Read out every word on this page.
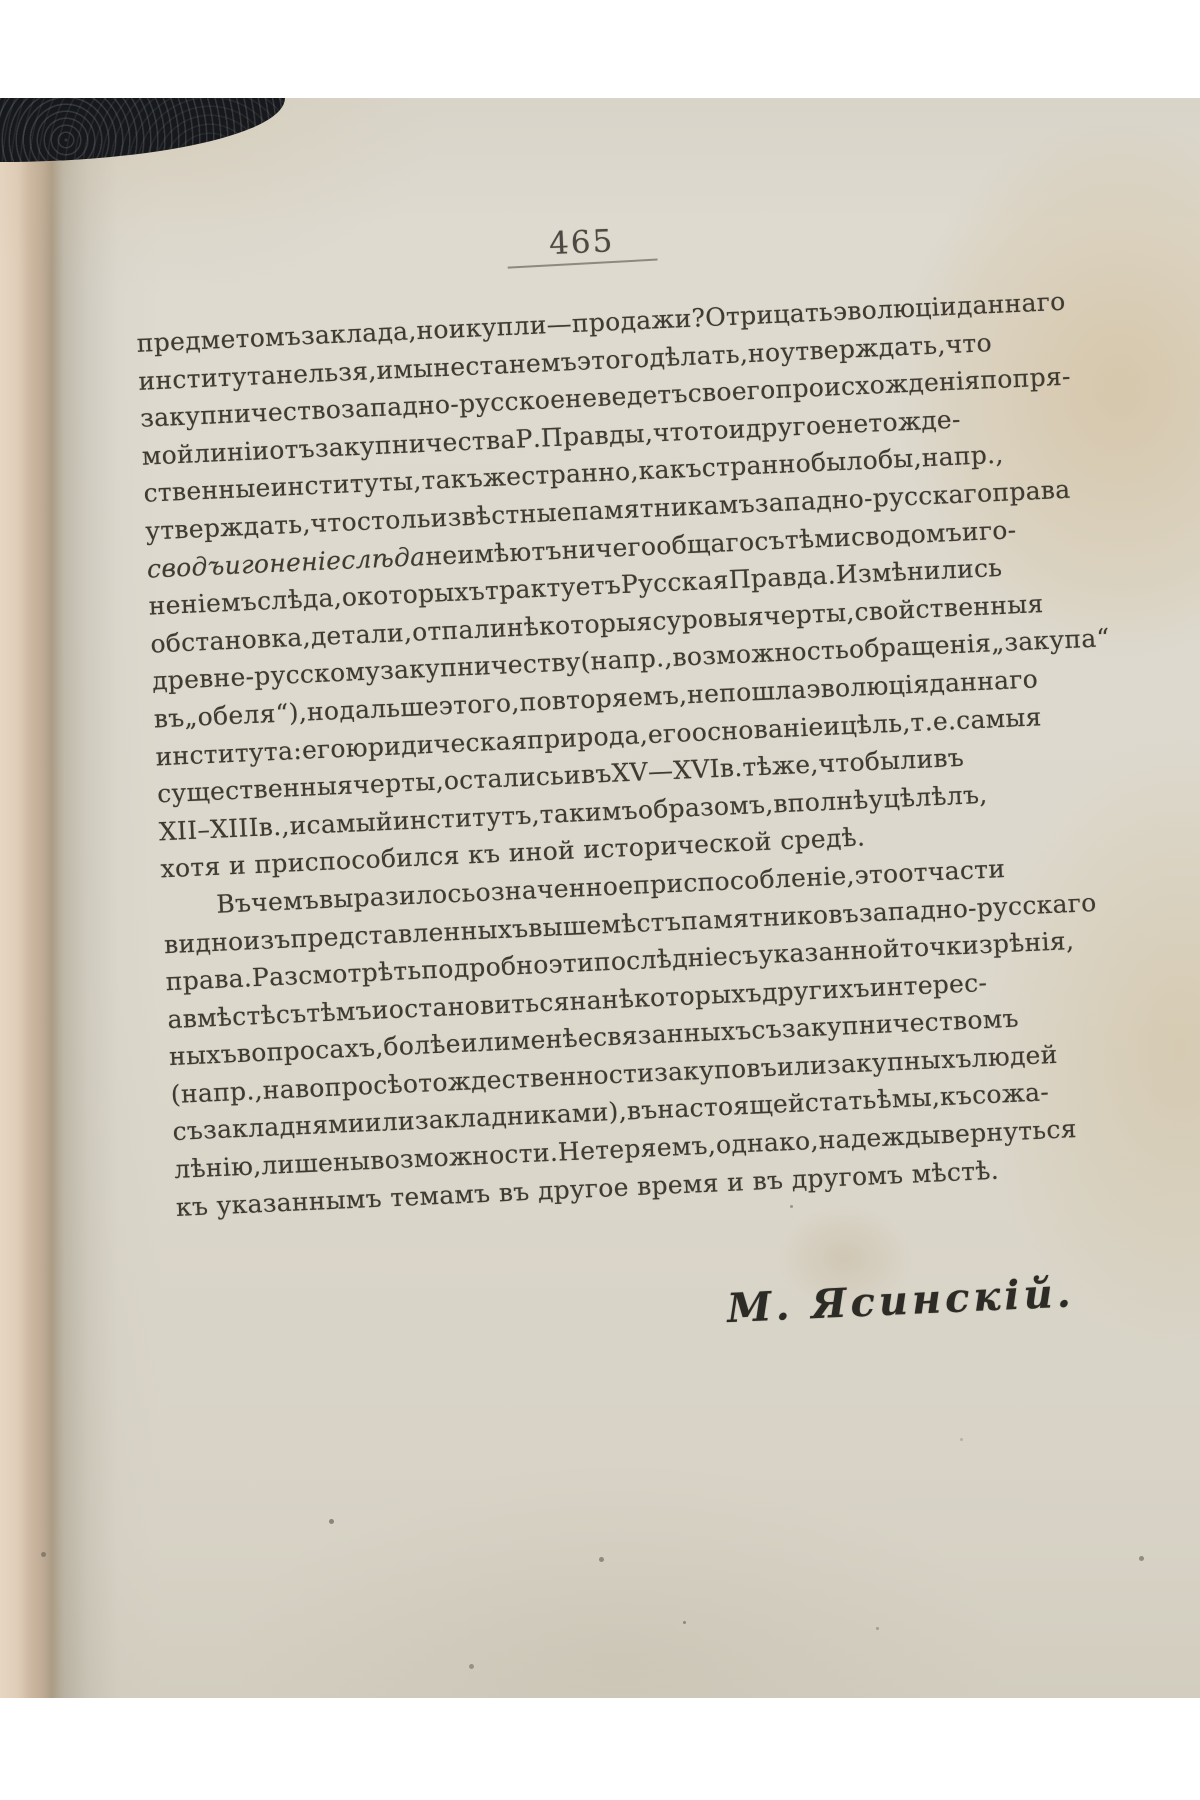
465
предметомъ
заклада,
но
и
купли—продажи?
Отрицать
эволюціи
даннаго
института
нельзя,
и
мы
не
станемъ
этого
дѣлать,
но
утверждать,
что
закупничество
западно-русское
не
ведетъ
своего
происхожденія
по
пря-
мой
линіи
отъ
закупничества
Р.
Правды,
что
то
и
другое
не
тожде-
ственные
институты,
такъ
же
странно,
какъ
странно
было
бы,
напр.,
утверждать,
что
столь
извѣстные
памятникамъ
западно-русскаго
права
сводъ
и
гоненіе
слѣда
не
имѣютъ
ничего
общаго
съ
тѣми
сводомъ
и
го-
неніемъ
слѣда,
о
которыхъ
трактуетъ
Русская
Правда.
Измѣнились
обстановка,
детали,
отпали
нѣкоторыя
суровыя
черты,
свойственныя
древне-русскому
закупничеству
(напр.,
возможность
обращенія
„закупа“
въ
„обеля“),
но
дальше
этого,
повторяемъ,
не
пошла
эволюція
даннаго
института:
его
юридическая
природа,
его
основаніе
и
цѣль,
т.
е.
самыя
существенныя
черты,
остались
и
въ
XV—XVI
в.
тѣ
же,
что
были
въ
XII–
XIII
в.,
и
самый
институтъ,
такимъ
образомъ,
вполнѣ
уцѣлѣлъ,
хотя и приспособился къ иной исторической средѣ.
Въ
чемъ
выразилось
означенное
приспособленіе,
это
отчасти
видно
изъ
представленныхъ
выше
мѣстъ
памятниковъ
западно-русскаго
права.
Разсмотрѣть
подробно
эти
послѣдніе
съ
указанной
точки
зрѣнія,
а
вмѣстѣ
съ
тѣмъ
и
остановиться
на
нѣкоторыхъ
другихъ
интерес-
ныхъ
вопросахъ,
болѣе
или
менѣе
связанныхъ
съ
закупничествомъ
(напр.,
на
вопросѣ
о
тождественности
закуповъ
или
закупныхъ
людей
съ
закладнями
или
закладниками),
въ
настоящей
статьѣ
мы,
къ
сожа-
лѣнію,
лишены
возможности.
Не
теряемъ,
однако,
надежды
вернуться
къ указаннымъ темамъ въ другое время и въ другомъ мѣстѣ.
М. Ясинскій.
